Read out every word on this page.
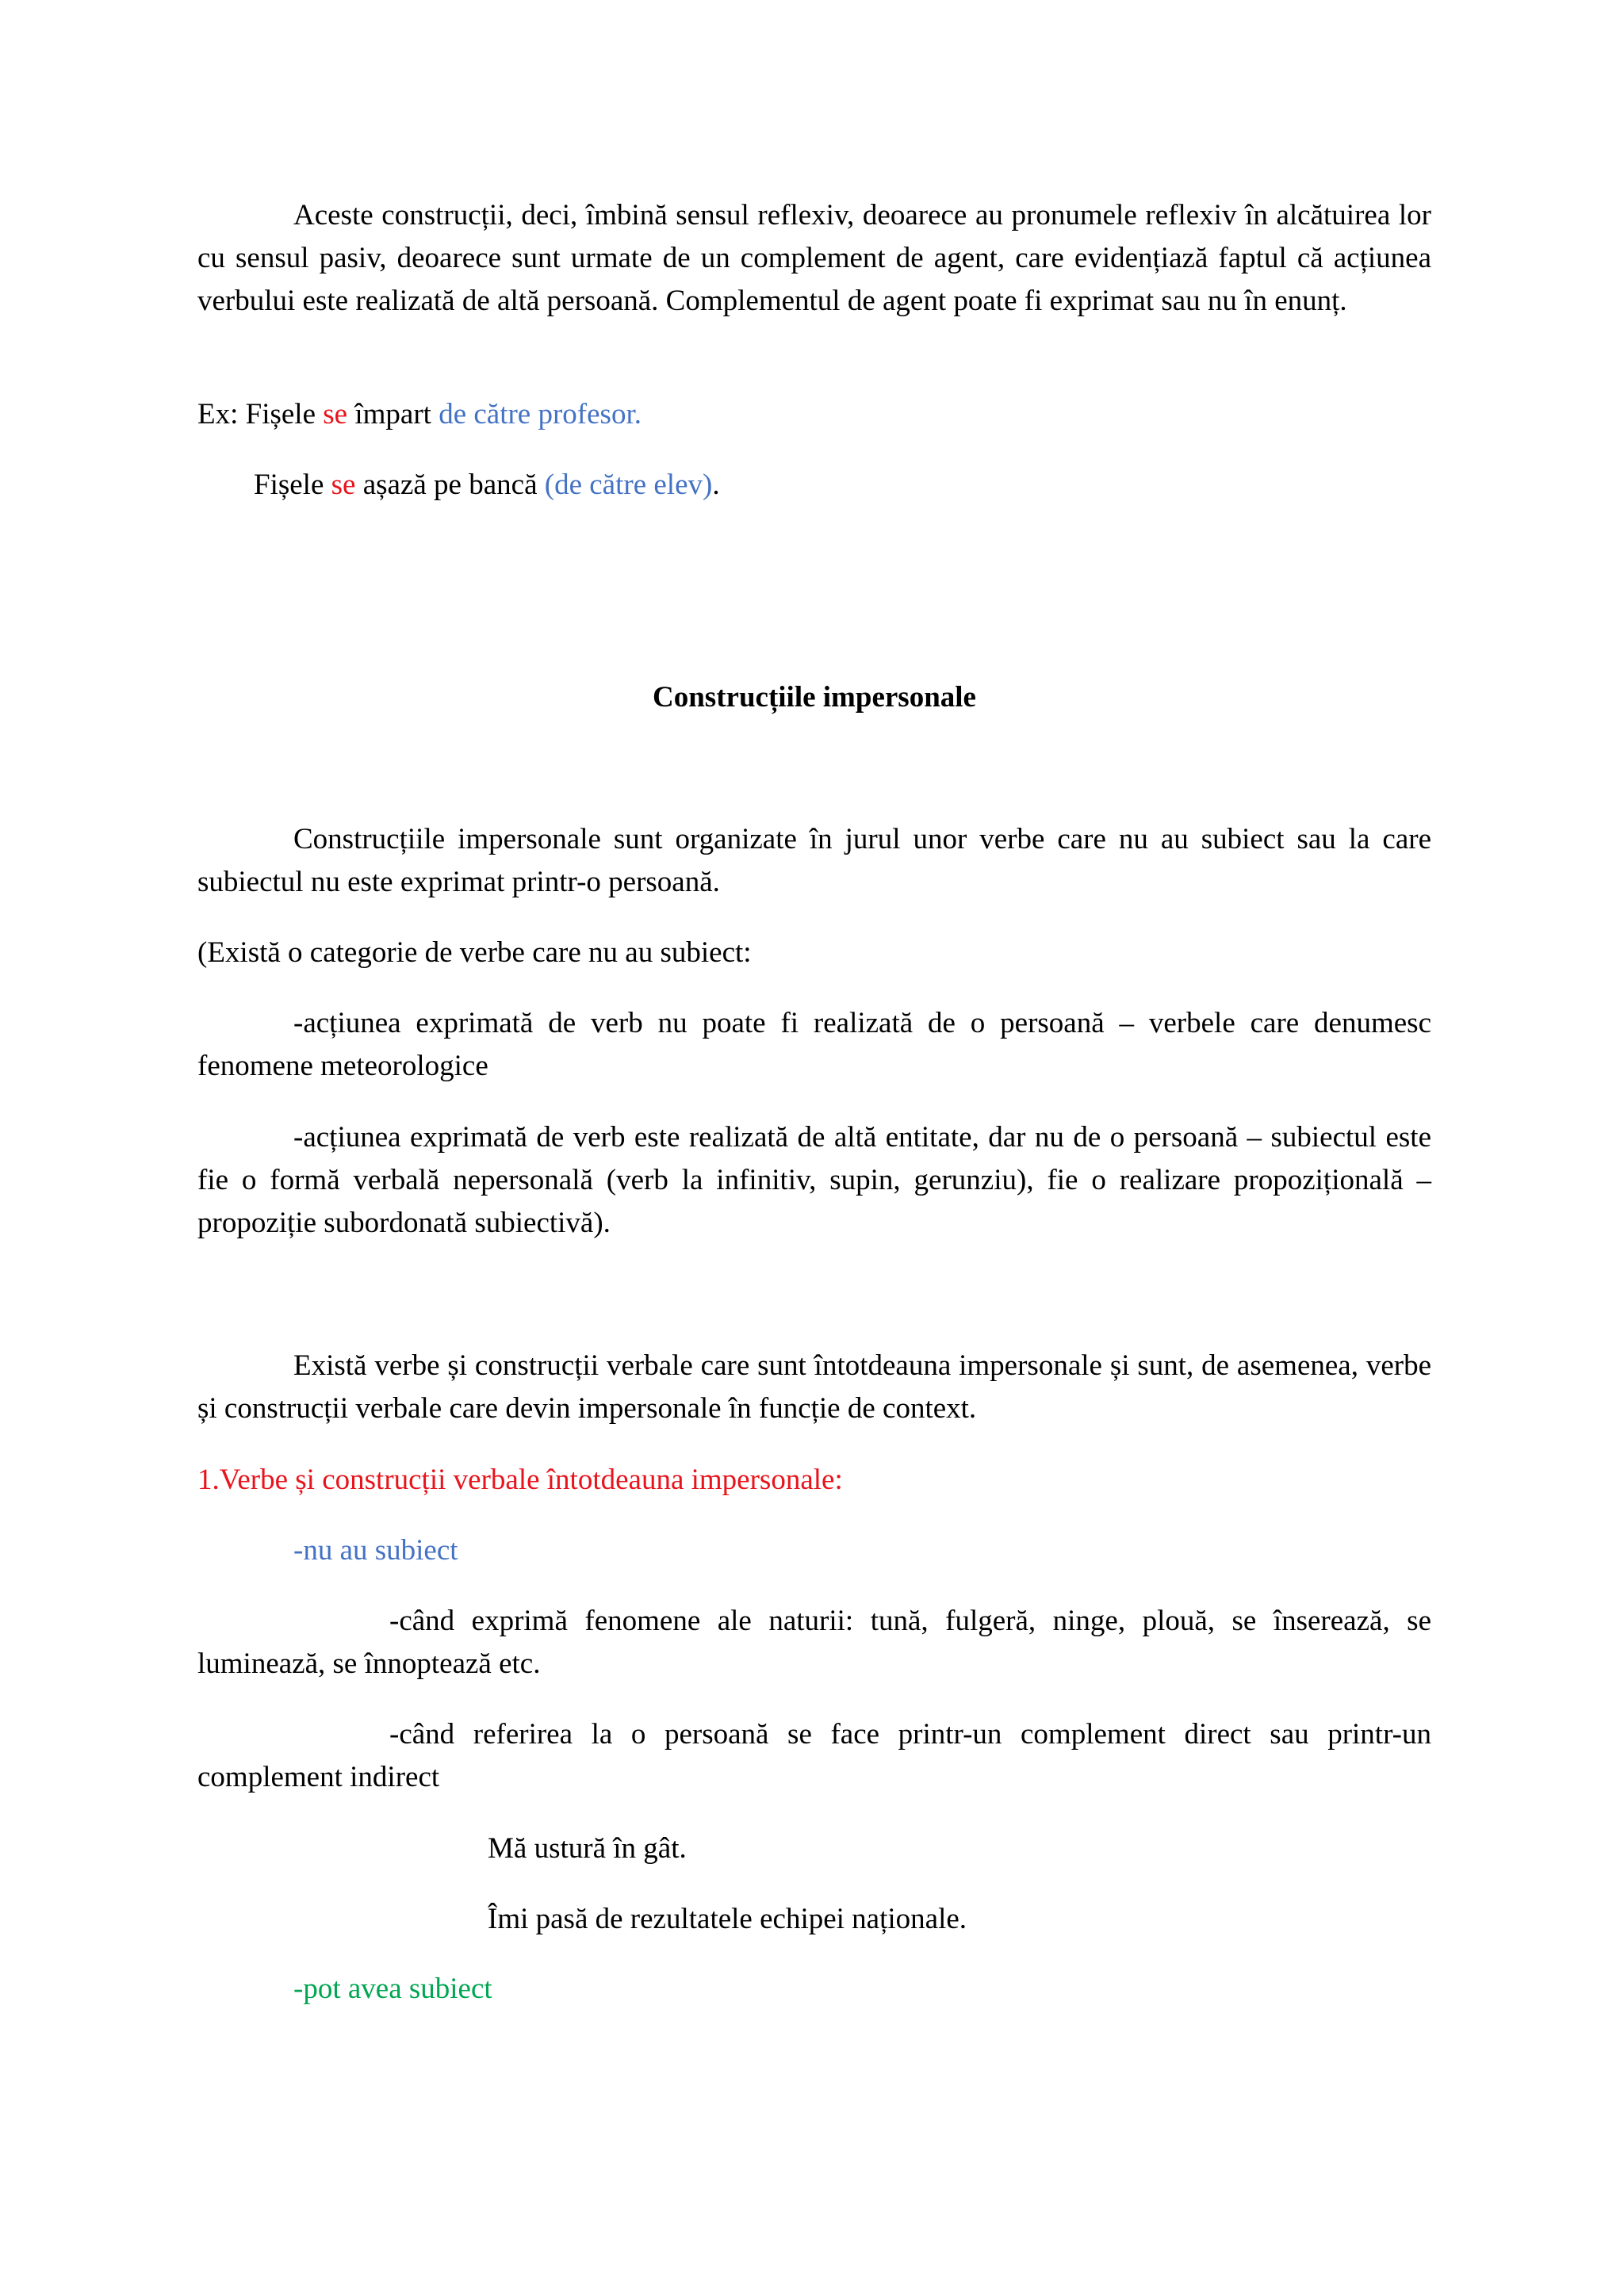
Aceste construcții, deci, îmbină sensul reflexiv, deoarece au pronumele reflexiv în alcătuirea lor cu sensul pasiv, deoarece sunt urmate de un complement de agent, care evidențiază faptul că acțiunea verbului este realizată de altă persoană. Complementul de agent poate fi exprimat sau nu în enunț.

Ex: Fișele se împart de către profesor.

Fișele se așază pe bancă (de către elev).

Construcțiile impersonale

Construcțiile impersonale sunt organizate în jurul unor verbe care nu au subiect sau la care subiectul nu este exprimat printr-o persoană.

(Există o categorie de verbe care nu au subiect:

-acțiunea exprimată de verb nu poate fi realizată de o persoană – verbele care denumesc fenomene meteorologice

-acțiunea exprimată de verb este realizată de altă entitate, dar nu de o persoană – subiectul este fie o formă verbală nepersonală (verb la infinitiv, supin, gerunziu), fie o realizare propozițională – propoziție subordonată subiectivă).

Există verbe și construcții verbale care sunt întotdeauna impersonale și sunt, de asemenea, verbe și construcții verbale care devin impersonale în funcție de context.

1.Verbe și construcții verbale întotdeauna impersonale:

-nu au subiect

-când exprimă fenomene ale naturii: tună, fulgeră, ninge, plouă, se înserează, se luminează, se înnoptează etc.

-când referirea la o persoană se face printr-un complement direct sau printr-un complement indirect

Mă ustură în gât.

Îmi pasă de rezultatele echipei naționale.

-pot avea subiect
